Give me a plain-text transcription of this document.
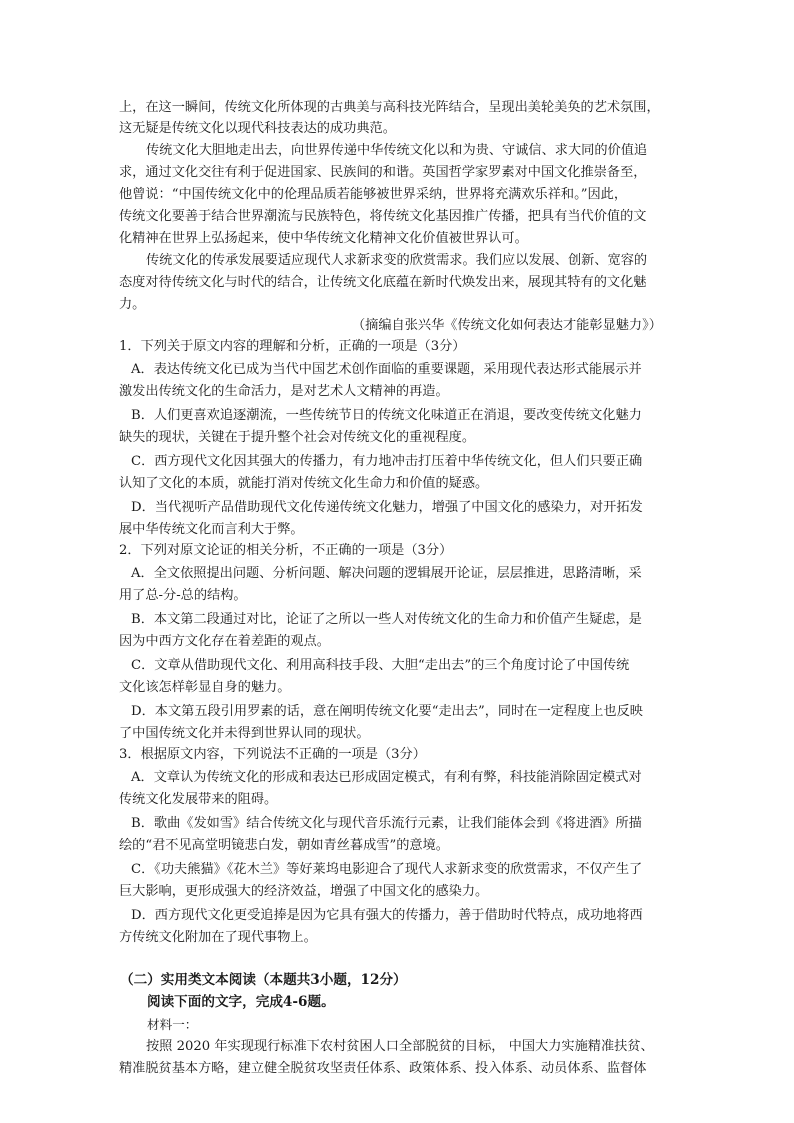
上，在这一瞬间，传统文化所体现的古典美与高科技光阵结合，呈现出美轮美奂的艺术氛围，
这无疑是传统文化以现代科技表达的成功典范。
传统文化大胆地走出去，向世界传递中华传统文化以和为贵、守诚信、求大同的价值追
求，通过文化交往有利于促进国家、民族间的和谐。英国哲学家罗素对中国文化推崇备至，
他曾说：“中国传统文化中的伦理品质若能够被世界采纳，世界将充满欢乐祥和。”因此，
传统文化要善于结合世界潮流与民族特色，将传统文化基因推广传播，把具有当代价值的文
化精神在世界上弘扬起来，使中华传统文化精神文化价值被世界认可。
传统文化的传承发展要适应现代人求新求变的欣赏需求。我们应以发展、创新、宽容的
态度对待传统文化与时代的结合，让传统文化底蕴在新时代焕发出来，展现其特有的文化魅
力。
（摘编自张兴华《传统文化如何表达才能彰显魅力》）
1．下列关于原文内容的理解和分析，正确的一项是（3分）
A．表达传统文化已成为当代中国艺术创作面临的重要课题，采用现代表达形式能展示并
激发出传统文化的生命活力，是对艺术人文精神的再造。
B．人们更喜欢追逐潮流，一些传统节日的传统文化味道正在消退，要改变传统文化魅力
缺失的现状，关键在于提升整个社会对传统文化的重视程度。
C．西方现代文化因其强大的传播力，有力地冲击打压着中华传统文化，但人们只要正确
认知了文化的本质，就能打消对传统文化生命力和价值的疑惑。
D．当代视听产品借助现代文化传递传统文化魅力，增强了中国文化的感染力，对开拓发
展中华传统文化而言利大于弊。
2．下列对原文论证的相关分析，不正确的一项是（3分）
A．全文依照提出问题、分析问题、解决问题的逻辑展开论证，层层推进，思路清晰，采
用了总-分-总的结构。
B．本文第二段通过对比，论证了之所以一些人对传统文化的生命力和价值产生疑虑，是
因为中西方文化存在着差距的观点。
C．文章从借助现代文化、利用高科技手段、大胆“走出去”的三个角度讨论了中国传统
文化该怎样彰显自身的魅力。
D．本文第五段引用罗素的话，意在阐明传统文化要“走出去”，同时在一定程度上也反映
了中国传统文化并未得到世界认同的现状。
3．根据原文内容，下列说法不正确的一项是（3分）
A．文章认为传统文化的形成和表达已形成固定模式，有利有弊，科技能消除固定模式对
传统文化发展带来的阻碍。
B．歌曲《发如雪》结合传统文化与现代音乐流行元素，让我们能体会到《将进酒》所描
绘的“君不见高堂明镜悲白发，朝如青丝暮成雪”的意境。
C．《功夫熊猫》《花木兰》等好莱坞电影迎合了现代人求新求变的欣赏需求，不仅产生了
巨大影响，更形成强大的经济效益，增强了中国文化的感染力。
D．西方现代文化更受追捧是因为它具有强大的传播力，善于借助时代特点，成功地将西
方传统文化附加在了现代事物上。
（二）实用类文本阅读（本题共3小题，12分）
阅读下面的文字，完成4-6题。
材料一：
按照 2020 年实现现行标准下农村贫困人口全部脱贫的目标， 中国大力实施精准扶贫、
精准脱贫基本方略，建立健全脱贫攻坚责任体系、政策体系、投入体系、动员体系、监督体
